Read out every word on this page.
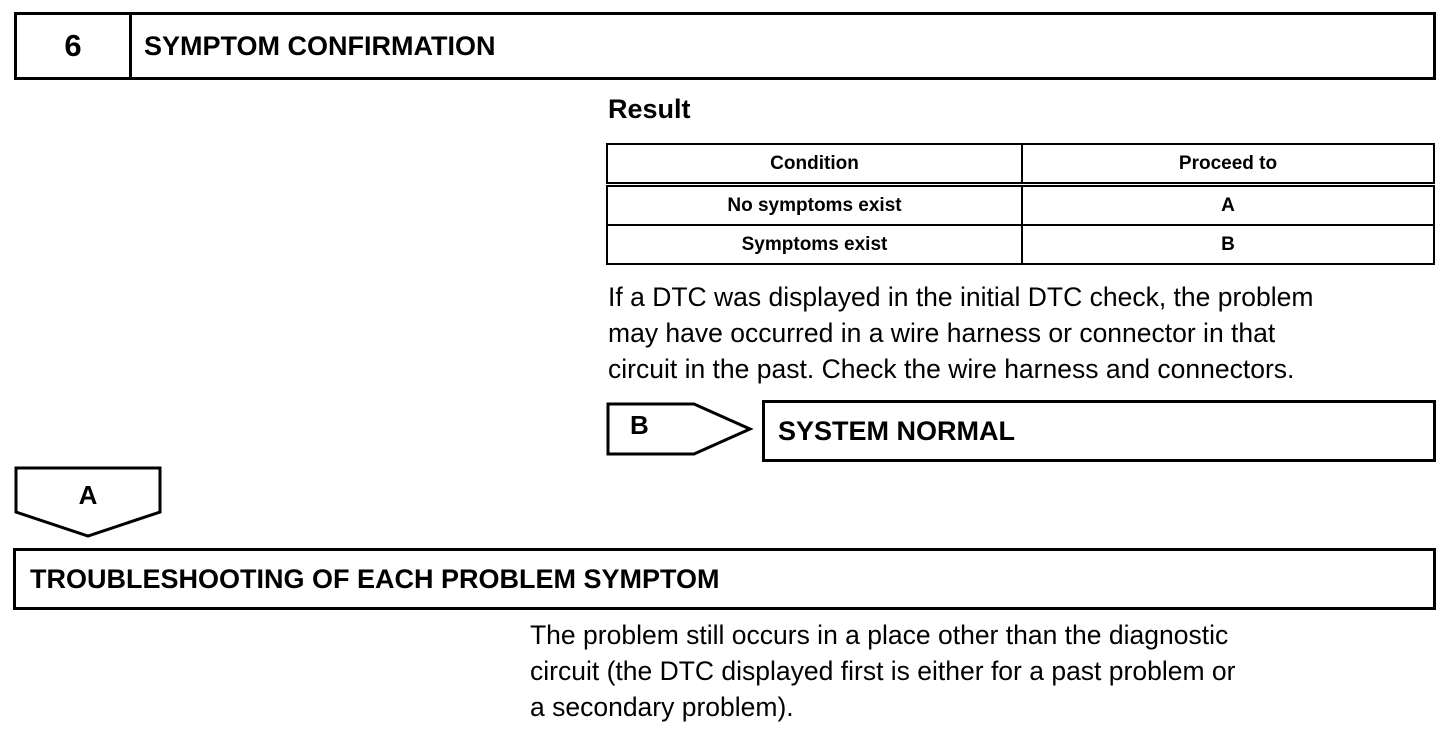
6	SYMPTOM CONFIRMATION
Result
Condition	Proceed to
No symptoms exist	A
Symptoms exist	B

If a DTC was displayed in the initial DTC check, the problem
may have occurred in a wire harness or connector in that
circuit in the past. Check the wire harness and connectors.

B	SYSTEM NORMAL
A
TROUBLESHOOTING OF EACH PROBLEM SYMPTOM

The problem still occurs in a place other than the diagnostic
circuit (the DTC displayed first is either for a past problem or
a secondary problem).
